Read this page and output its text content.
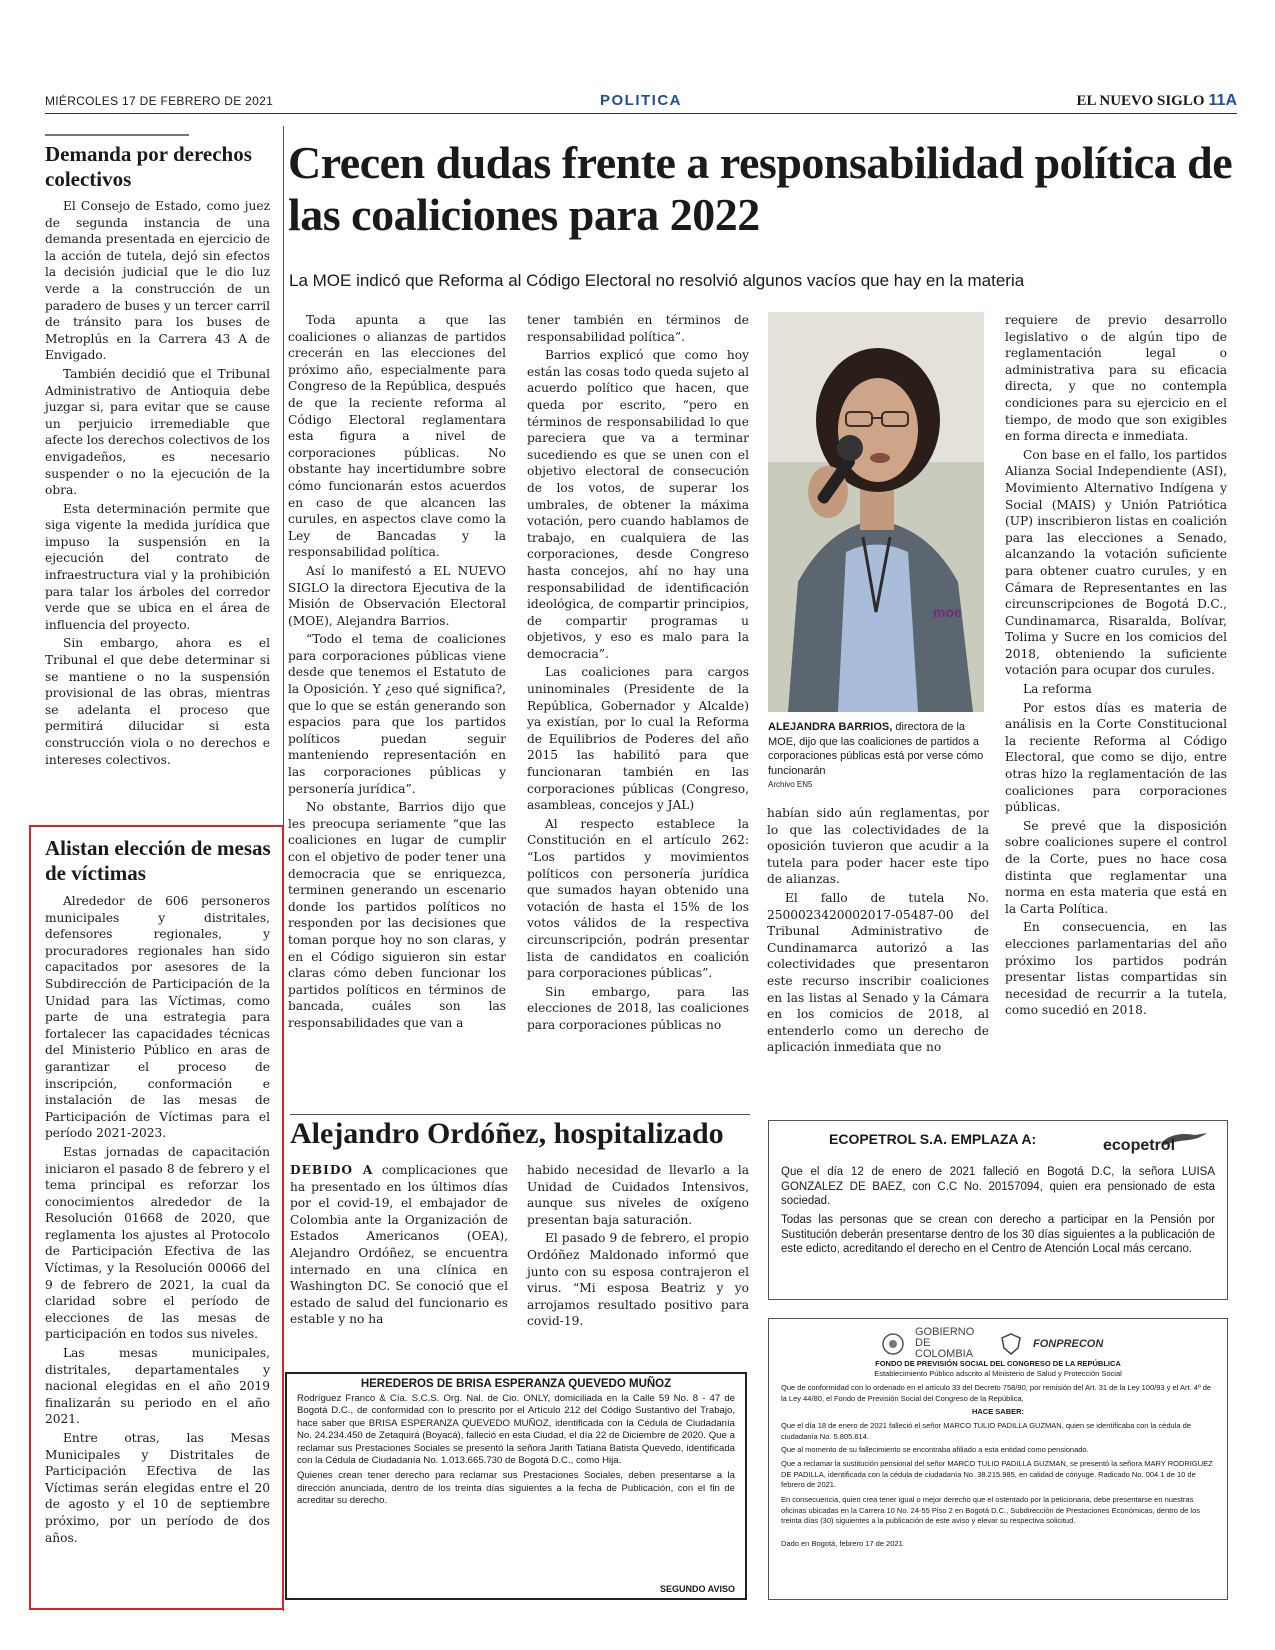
MIÉRCOLES 17 DE FEBRERO DE 2021	POLITICA	EL NUEVO SIGLO 11A
Demanda por derechos colectivos

El Consejo de Estado, como juez de segunda instancia de una demanda presentada en ejercicio de la acción de tutela, dejó sin efectos la decisión judicial que le dio luz verde a la construcción de un paradero de buses y un tercer carril de tránsito para los buses de Metroplús en la Carrera 43 A de Envigado.

También decidió que el Tribunal Administrativo de Antioquia debe juzgar si, para evitar que se cause un perjuicio irremediable que afecte los derechos colectivos de los envigadeños, es necesario suspender o no la ejecución de la obra.

Esta determinación permite que siga vigente la medida jurídica que impuso la suspensión en la ejecución del contrato de infraestructura vial y la prohibición para talar los árboles del corredor verde que se ubica en el área de influencia del proyecto.

Sin embargo, ahora es el Tribunal el que debe determinar si se mantiene o no la suspensión provisional de las obras, mientras se adelanta el proceso que permitirá dilucidar si esta construcción viola o no derechos e intereses colectivos.

Alistan elección de mesas de víctimas

Alrededor de 606 personeros municipales y distritales, defensores regionales, y procuradores regionales han sido capacitados por asesores de la Subdirección de Participación de la Unidad para las Víctimas, como parte de una estrategia para fortalecer las capacidades técnicas del Ministerio Público en aras de garantizar el proceso de inscripción, conformación e instalación de las mesas de Participación de Víctimas para el período 2021-2023.

Estas jornadas de capacitación iniciaron el pasado 8 de febrero y el tema principal es reforzar los conocimientos alrededor de la Resolución 01668 de 2020, que reglamenta los ajustes al Protocolo de Participación Efectiva de las Víctimas, y la Resolución 00066 del 9 de febrero de 2021, la cual da claridad sobre el período de elecciones de las mesas de participación en todos sus niveles.

Las mesas municipales, distritales, departamentales y nacional elegidas en el año 2019 finalizarán su periodo en el año 2021.

Entre otras, las Mesas Municipales y Distritales de Participación Efectiva de las Víctimas serán elegidas entre el 20 de agosto y el 10 de septiembre próximo, por un período de dos años.

Crecen dudas frente a responsabilidad política de las coaliciones para 2022
La MOE indicó que Reforma al Código Electoral no resolvió algunos vacíos que hay en la materia

Toda apunta a que las coaliciones o alianzas de partidos crecerán en las elecciones del próximo año, especialmente para Congreso de la República, después de que la reciente reforma al Código Electoral reglamentara esta figura a nivel de corporaciones públicas. No obstante hay incertidumbre sobre cómo funcionarán estos acuerdos en caso de que alcancen las curules, en aspectos clave como la Ley de Bancadas y la responsabilidad política.

Así lo manifestó a EL NUEVO SIGLO la directora Ejecutiva de la Misión de Observación Electoral (MOE), Alejandra Barrios.

“Todo el tema de coaliciones para corporaciones públicas viene desde que tenemos el Estatuto de la Oposición. Y ¿eso qué significa?, que lo que se están generando son espacios para que los partidos políticos puedan seguir manteniendo representación en las corporaciones públicas y personería jurídica”.

No obstante, Barrios dijo que les preocupa seriamente “que las coaliciones en lugar de cumplir con el objetivo de poder tener una democracia que se enriquezca, terminen generando un escenario donde los partidos políticos no responden por las decisiones que toman porque hoy no son claras, y en el Código siguieron sin estar claras cómo deben funcionar los partidos políticos en términos de bancada, cuáles son las responsabilidades que van a

tener también en términos de responsabilidad política”.

Barrios explicó que como hoy están las cosas todo queda sujeto al acuerdo político que hacen, que queda por escrito, “pero en términos de responsabilidad lo que pareciera que va a terminar sucediendo es que se unen con el objetivo electoral de consecución de los votos, de superar los umbrales, de obtener la máxima votación, pero cuando hablamos de trabajo, en cualquiera de las corporaciones, desde Congreso hasta concejos, ahí no hay una responsabilidad de identificación ideológica, de compartir principios, de compartir programas u objetivos, y eso es malo para la democracia”.

Las coaliciones para cargos uninominales (Presidente de la República, Gobernador y Alcalde) ya existían, por lo cual la Reforma de Equilibrios de Poderes del año 2015 las habilitó para que funcionaran también en las corporaciones públicas (Congreso, asambleas, concejos y JAL)

Al respecto establece la Constitución en el artículo 262: “Los partidos y movimientos políticos con personería jurídica que sumados hayan obtenido una votación de hasta el 15% de los votos válidos de la respectiva circunscripción, podrán presentar lista de candidatos en coalición para corporaciones públicas”.

Sin embargo, para las elecciones de 2018, las coaliciones para corporaciones públicas no

moe
ALEJANDRA BARRIOS, directora de la MOE, dijo que las coaliciones de partidos a corporaciones públicas está por verse cómo funcionarán
Archivo EN5

habían sido aún reglamentas, por lo que las colectividades de la oposición tuvieron que acudir a la tutela para poder hacer este tipo de alianzas.

El fallo de tutela No. 25000234200020​17-05487-00 del Tribunal Administrativo de Cundinamarca autorizó a las colectividades que presentaron este recurso inscribir coaliciones en las listas al Senado y la Cámara en los comicios de 2018, al entenderlo como un derecho de aplicación inmediata que no

requiere de previo desarrollo legislativo o de algún tipo de reglamentación legal o administrativa para su eficacia directa, y que no contempla condiciones para su ejercicio en el tiempo, de modo que son exigibles en forma directa e inmediata.

Con base en el fallo, los partidos Alianza Social Independiente (ASI), Movimiento Alternativo Indígena y Social (MAIS) y Unión Patriótica (UP) inscribieron listas en coalición para las elecciones a Senado, alcanzando la votación suficiente para obtener cuatro curules, y en Cámara de Representantes en las circunscripciones de Bogotá D.C., Cundinamarca, Risaralda, Bolívar, Tolima y Sucre en los comicios del 2018, obteniendo la suficiente votación para ocupar dos curules.

La reforma

Por estos días es materia de análisis en la Corte Constitucional la reciente Reforma al Código Electoral, que como se dijo, entre otras hizo la reglamentación de las coaliciones para corporaciones públicas.

Se prevé que la disposición sobre coaliciones supere el control de la Corte, pues no hace cosa distinta que reglamentar una norma en esta materia que está en la Carta Política.

En consecuencia, en las elecciones parlamentarias del año próximo los partidos podrán presentar listas compartidas sin necesidad de recurrir a la tutela, como sucedió en 2018.

Alejandro Ordóñez, hospitalizado

DEBIDO A complicaciones que ha presentado en los últimos días por el covid-19, el embajador de Colombia ante la Organización de Estados Americanos (OEA), Alejandro Ordóñez, se encuentra internado en una clínica en Washington DC. Se conoció que el estado de salud del funcionario es estable y no ha

habido necesidad de llevarlo a la Unidad de Cuidados Intensivos, aunque sus niveles de oxígeno presentan baja saturación.

El pasado 9 de febrero, el propio Ordóñez Maldonado informó que junto con su esposa contrajeron el virus. “Mi esposa Beatriz y yo arrojamos resultado positivo para covid-19.

HEREDEROS DE BRISA ESPERANZA QUEVEDO MUÑOZ
Rodríguez Franco & Cía. S.C.S. Org. Nal. de Cio. ONLY, domiciliada en la Calle 59 No. 8 - 47 de Bogotá D.C., de conformidad con lo prescrito por el Artículo 212 del Código Sustantivo del Trabajo, hace saber que BRISA ESPERANZA QUEVEDO MUÑOZ, identificada con la Cédula de Ciudadanía No. 24.234.450 de Zetaquirá (Boyacá), falleció en esta Ciudad, el día 22 de Diciembre de 2020. Que a reclamar sus Prestaciones Sociales se presentó la señora Jarith Tatiana Batista Quevedo, identificada con la Cédula de Ciudadanía No. 1.013.665.730 de Bogotá D.C., como Hija.
Quienes crean tener derecho para reclamar sus Prestaciones Sociales, deben presentarse a la dirección anunciada, dentro de los treinta días siguientes a la fecha de Publicación, con el fin de acreditar su derecho.
SEGUNDO AVISO
ECOPETROL S.A. EMPLAZA A:	ecopetrol
Que el día 12 de enero de 2021 falleció en Bogotá D.C, la señora LUISA GONZALEZ DE BAEZ, con C.C No. 20157094, quien era pensionado de esta sociedad.
Todas las personas que se crean con derecho a participar en la Pensión por Sustitución deberán presentarse dentro de los 30 días siguientes a la publicación de este edicto, acreditando el derecho en el Centro de Atención Local más cercano.
GOBIERNO DE COLOMBIA
FONPRECON
FONDO DE PREVISIÓN SOCIAL DEL CONGRESO DE LA REPÚBLICA
Establecimiento Público adscrito al Ministerio de Salud y Protección Social
Que de conformidad con lo ordenado en el artículo 33 del Decreto 758/90, por remisión del Art. 31 de la Ley 100/93 y el Art. 4º de la Ley 44/80, el Fondo de Previsión Social del Congreso de la República,
HACE SABER:
Que el día 18 de enero de 2021 falleció el señor MARCO TULIO PADILLA GUZMAN, quien se identificaba con la cédula de ciudadanía No. 5.805.614.
Que al momento de su fallecimiento se encontraba afiliado a esta entidad como pensionado.
Que a reclamar la sustitución pensional del señor MARCO TULIO PADILLA GUZMAN, se presentó la señora MARY RODRIGUEZ DE PADILLA, identificada con la cédula de ciudadanía No. 38.215.985, en calidad de cónyuge. Radicado No. 004 1 de 10 de febrero de 2021.
En consecuencia, quien crea tener igual o mejor derecho que el ostentado por la peticionaria, debe presentarse en nuestras oficinas ubicadas en la Carrera 10 No. 24-55 Piso 2 en Bogotá D.C., Subdirección de Prestaciones Económicas, dentro de los treinta días (30) siguientes a la publicación de este aviso y elevar su respectiva solicitud.
Dado en Bogotá, febrero 17 de 2021
